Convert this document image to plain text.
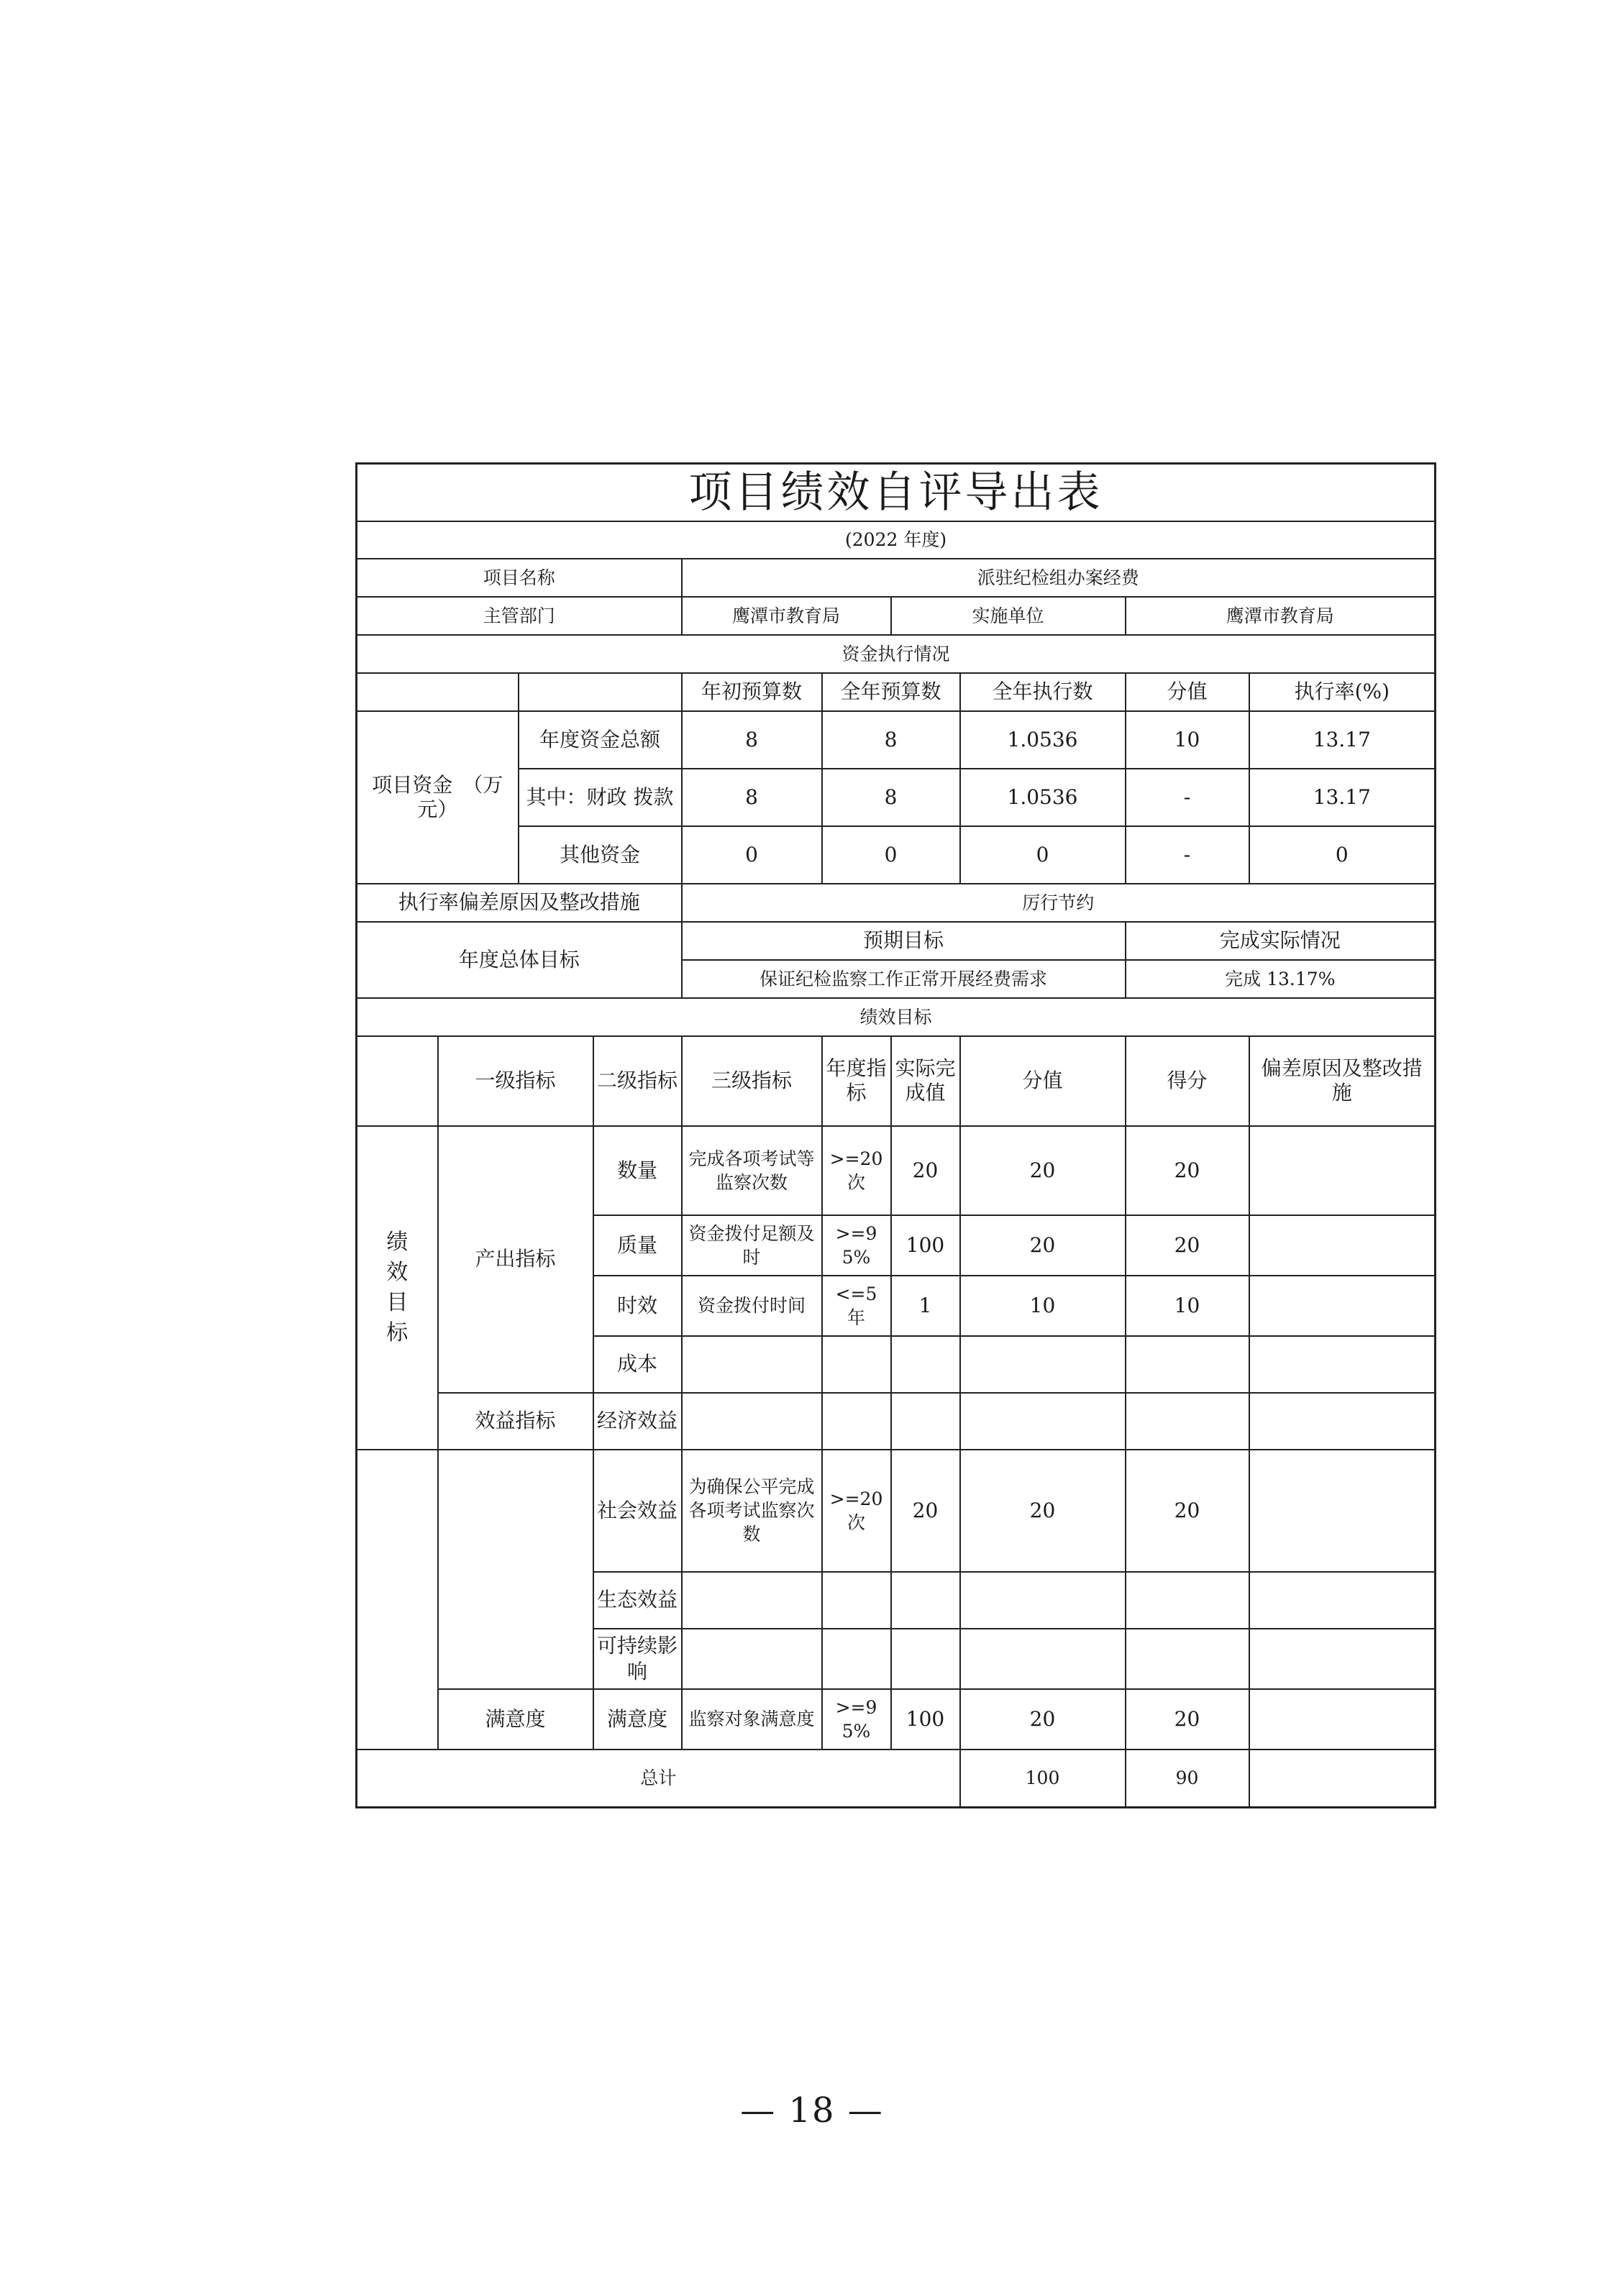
项目绩效自评导出表									
(2022 年度)									
项目名称				派驻纪检组办案经费					
主管部门				鹰潭市教育局		实施单位		鹰潭市教育局	
资金执行情况									
				年初预算数	全年预算数		全年执行数	分值	执行率(%)
项目资金　（万元）		年度资金总额		8	8		1.0536	10	13.17
		其中：财政 拨款		8	8		1.0536	-	13.17
		其他资金		0	0		0	-	0
执行率偏差原因及整改措施				厉行节约					
年度总体目标				预期目标				完成实际情况	
				保证纪检监察工作正常开展经费需求				完成 13.17%	
绩效目标									
	一级指标		二级指标	三级指标	年度指标	实际完成值	分值	得分	偏差原因及整改措施
绩效目标	产出指标		数量	完成各项考试等监察次数	>=20 次	20	20	20	
			质量	资金拨付足额及时	>=95%	100	20	20	
			时效	资金拨付时间	<=5 年	1	10	10	
			成本						
	效益指标		经济效益						
			社会效益	为确保公平完成各项考试监察次数	>=20 次	20	20	20	
			生态效益						
			可持续影响						
	满意度		满意度	监察对象满意度	>=95%	100	20	20	
总计							100	90	
— 18 —
